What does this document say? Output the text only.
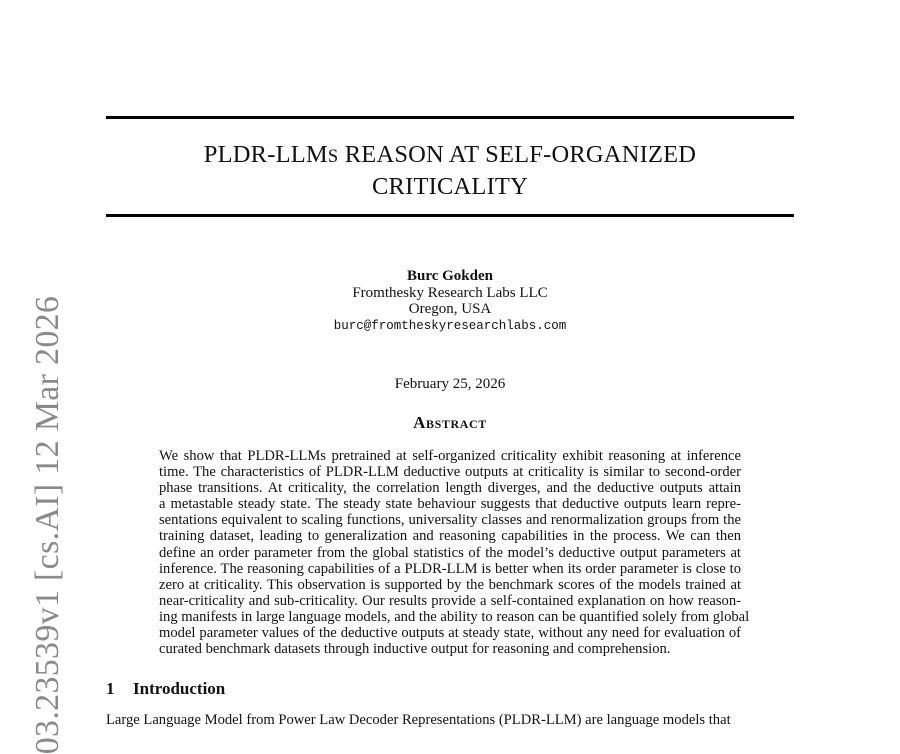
03.23539v1 [cs.AI] 12 Mar 2026
PLDR-LLMS REASON AT SELF-ORGANIZED
CRITICALITY
Burc Gokden
Fromthesky Research Labs LLC
Oregon, USA
burc@fromtheskyresearchlabs.com
February 25, 2026
Abstract
We show that PLDR-LLMs pretrained at self-organized criticality exhibit reasoning at inference
time. The characteristics of PLDR-LLM deductive outputs at criticality is similar to second-order
phase transitions. At criticality, the correlation length diverges, and the deductive outputs attain
a metastable steady state. The steady state behaviour suggests that deductive outputs learn repre-
sentations equivalent to scaling functions, universality classes and renormalization groups from the
training dataset, leading to generalization and reasoning capabilities in the process. We can then
define an order parameter from the global statistics of the model’s deductive output parameters at
inference. The reasoning capabilities of a PLDR-LLM is better when its order parameter is close to
zero at criticality. This observation is supported by the benchmark scores of the models trained at
near-criticality and sub-criticality. Our results provide a self-contained explanation on how reason-
ing manifests in large language models, and the ability to reason can be quantified solely from global
model parameter values of the deductive outputs at steady state, without any need for evaluation of
curated benchmark datasets through inductive output for reasoning and comprehension.
1 Introduction
Large Language Model from Power Law Decoder Representations (PLDR-LLM) are language models that
